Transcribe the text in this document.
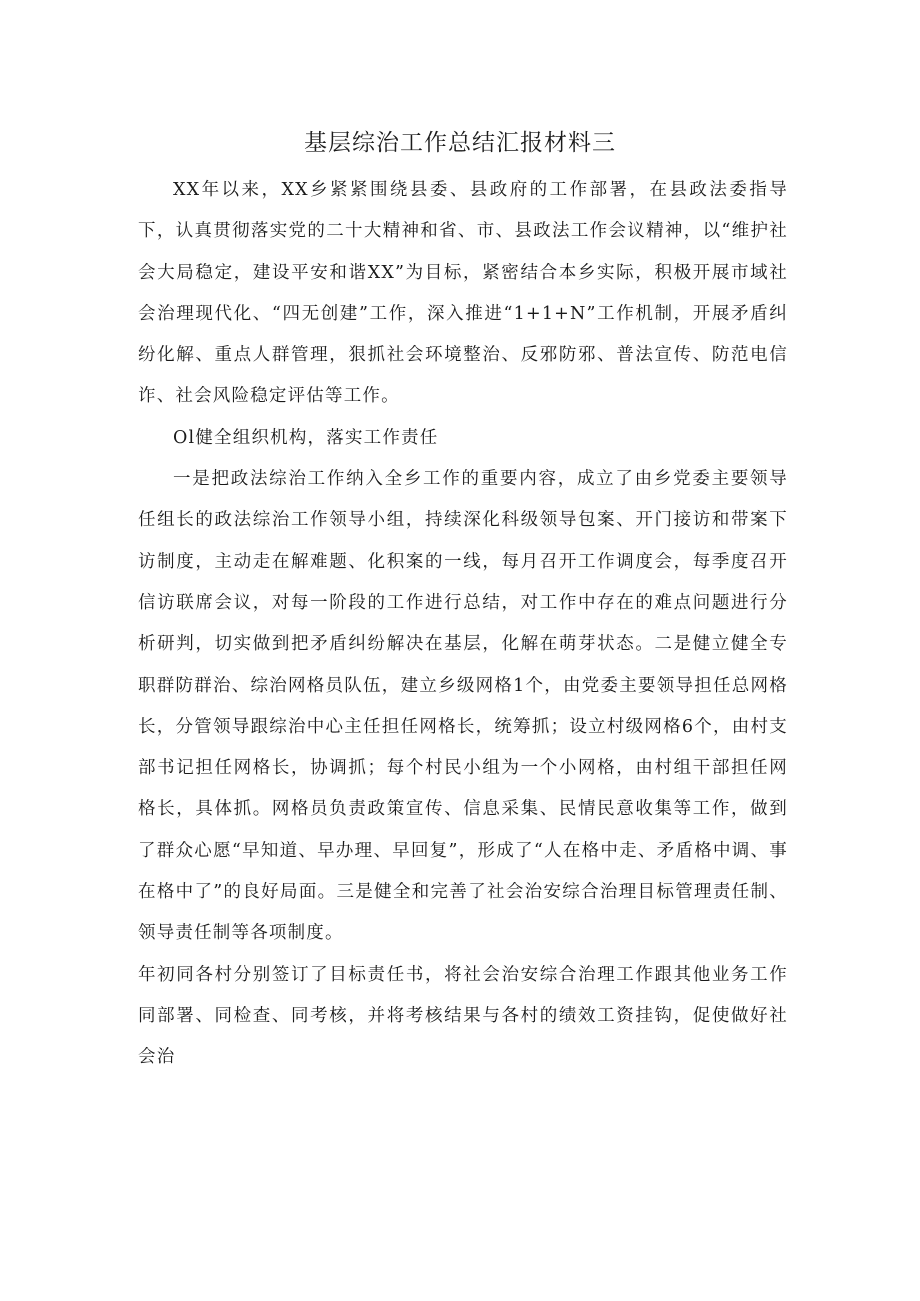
基层综治工作总结汇报材料三

XX年以来，XX乡紧紧围绕县委、县政府的工作部署，在县政法委指导下，认真贯彻落实党的二十大精神和省、市、县政法工作会议精神，以“维护社会大局稳定，建设平安和谐XX”为目标，紧密结合本乡实际，积极开展市域社会治理现代化、“四无创建”工作，深入推进“1+1+N”工作机制，开展矛盾纠纷化解、重点人群管理，狠抓社会环境整治、反邪防邪、普法宣传、防范电信诈、社会风险稳定评估等工作。

Ol健全组织机构，落实工作责任

一是把政法综治工作纳入全乡工作的重要内容，成立了由乡党委主要领导任组长的政法综治工作领导小组，持续深化科级领导包案、开门接访和带案下访制度，主动走在解难题、化积案的一线，每月召开工作调度会，每季度召开信访联席会议，对每一阶段的工作进行总结，对工作中存在的难点问题进行分析研判，切实做到把矛盾纠纷解决在基层，化解在萌芽状态。二是健立健全专职群防群治、综治网格员队伍，建立乡级网格1个，由党委主要领导担任总网格长，分管领导跟综治中心主任担任网格长，统筹抓；设立村级网格6个，由村支部书记担任网格长，协调抓；每个村民小组为一个小网格，由村组干部担任网格长，具体抓。网格员负责政策宣传、信息采集、民情民意收集等工作，做到了群众心愿“早知道、早办理、早回复”，形成了“人在格中走、矛盾格中调、事在格中了”的良好局面。三是健全和完善了社会治安综合治理目标管理责任制、领导责任制等各项制度。

年初同各村分别签订了目标责任书，将社会治安综合治理工作跟其他业务工作同部署、同检查、同考核，并将考核结果与各村的绩效工资挂钩，促使做好社会治
